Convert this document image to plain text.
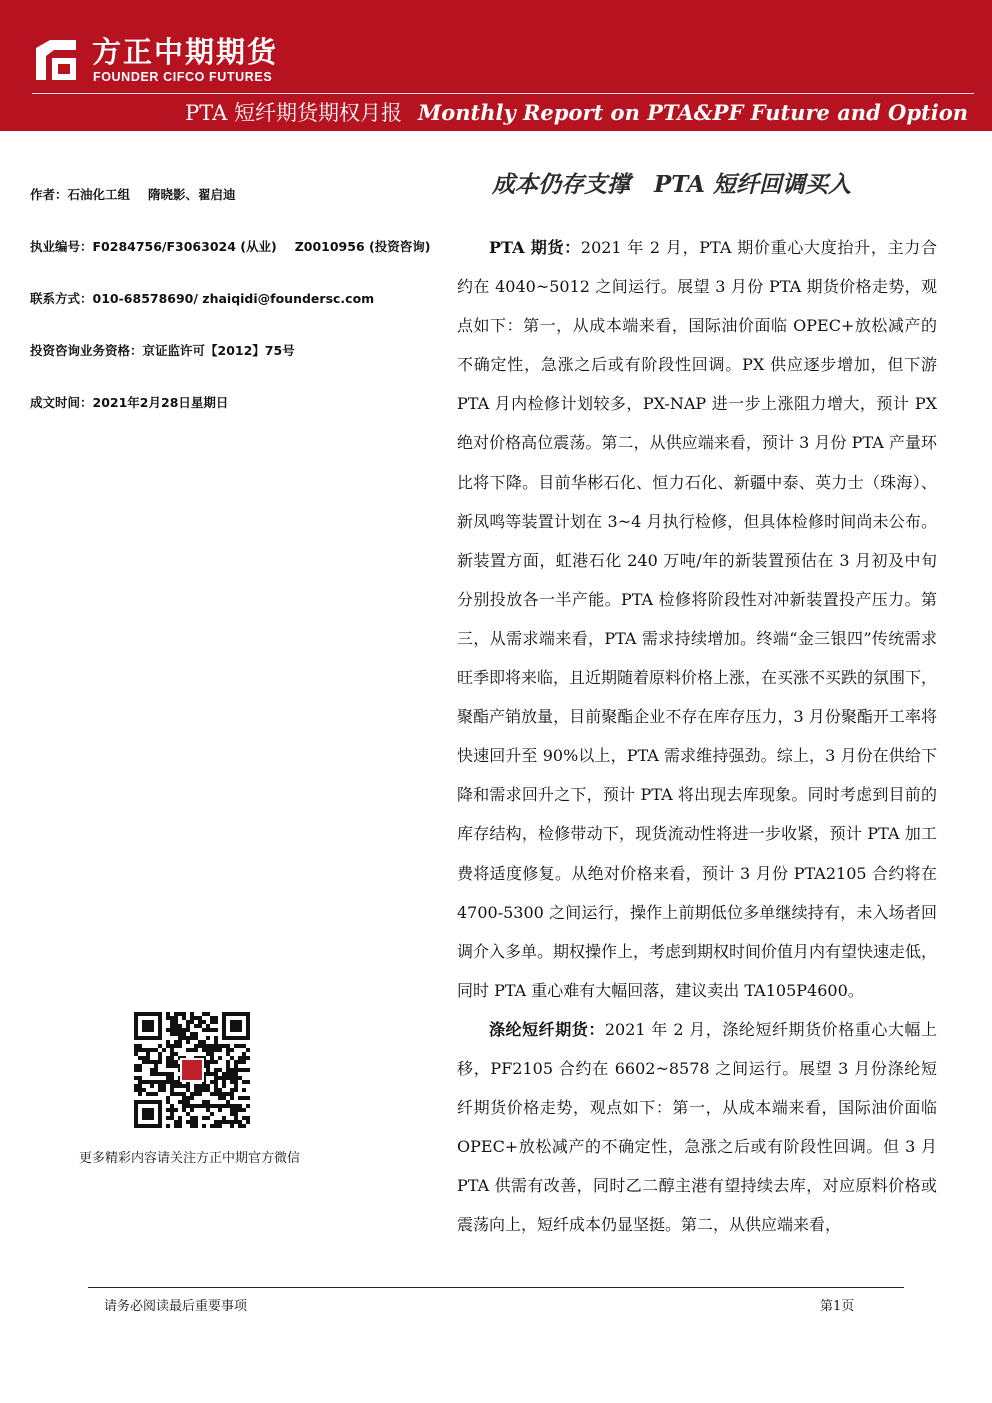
方正中期期货
FOUNDER CIFCO FUTURES
PTA 短纤期货期权月报 Monthly Report on PTA&PF Future and Option
作者：石油化工组 隋晓影、翟启迪
执业编号：F0284756/F3063024 (从业) Z0010956 (投资咨询)
联系方式：010-68578690/ zhaiqidi@foundersc.com
投资咨询业务资格：京证监许可【2012】75号
成文时间：2021年2月28日星期日
成本仍存支撑 PTA 短纤回调买入

PTA 期货：2021 年 2 月，PTA 期价重心大度抬升，主力合约在 4040~5012 之间运行。展望 3 月份 PTA 期货价格走势，观点如下：第一，从成本端来看，国际油价面临 OPEC+放松减产的不确定性，急涨之后或有阶段性回调。PX 供应逐步增加，但下游 PTA 月内检修计划较多，PX-NAP 进一步上涨阻力增大，预计 PX 绝对价格高位震荡。第二，从供应端来看，预计 3 月份 PTA 产量环比将下降。目前华彬石化、恒力石化、新疆中泰、英力士（珠海）、新凤鸣等装置计划在 3~4 月执行检修，但具体检修时间尚未公布。新装置方面，虹港石化 240 万吨/年的新装置预估在 3 月初及中旬分别投放各一半产能。PTA 检修将阶段性对冲新装置投产压力。第三，从需求端来看，PTA 需求持续增加。终端“金三银四”传统需求旺季即将来临，且近期随着原料价格上涨，在买涨不买跌的氛围下，聚酯产销放量，目前聚酯企业不存在库存压力，3 月份聚酯开工率将快速回升至 90%以上，PTA 需求维持强劲。综上，3 月份在供给下降和需求回升之下，预计 PTA 将出现去库现象。同时考虑到目前的库存结构，检修带动下，现货流动性将进一步收紧，预计 PTA 加工费将适度修复。从绝对价格来看，预计 3 月份 PTA2105 合约将在 4700-5300 之间运行，操作上前期低位多单继续持有，未入场者回调介入多单。期权操作上，考虑到期权时间价值月内有望快速走低，同时 PTA 重心难有大幅回落，建议卖出 TA105P4600。

涤纶短纤期货：2021 年 2 月，涤纶短纤期货价格重心大幅上移，PF2105 合约在 6602~8578 之间运行。展望 3 月份涤纶短纤期货价格走势，观点如下：第一，从成本端来看，国际油价面临 OPEC+放松减产的不确定性，急涨之后或有阶段性回调。但 3 月 PTA 供需有改善，同时乙二醇主港有望持续去库，对应原料价格或震荡向上，短纤成本仍显坚挺。第二，从供应端来看，

更多精彩内容请关注方正中期官方微信
请务必阅读最后重要事项	第1页
